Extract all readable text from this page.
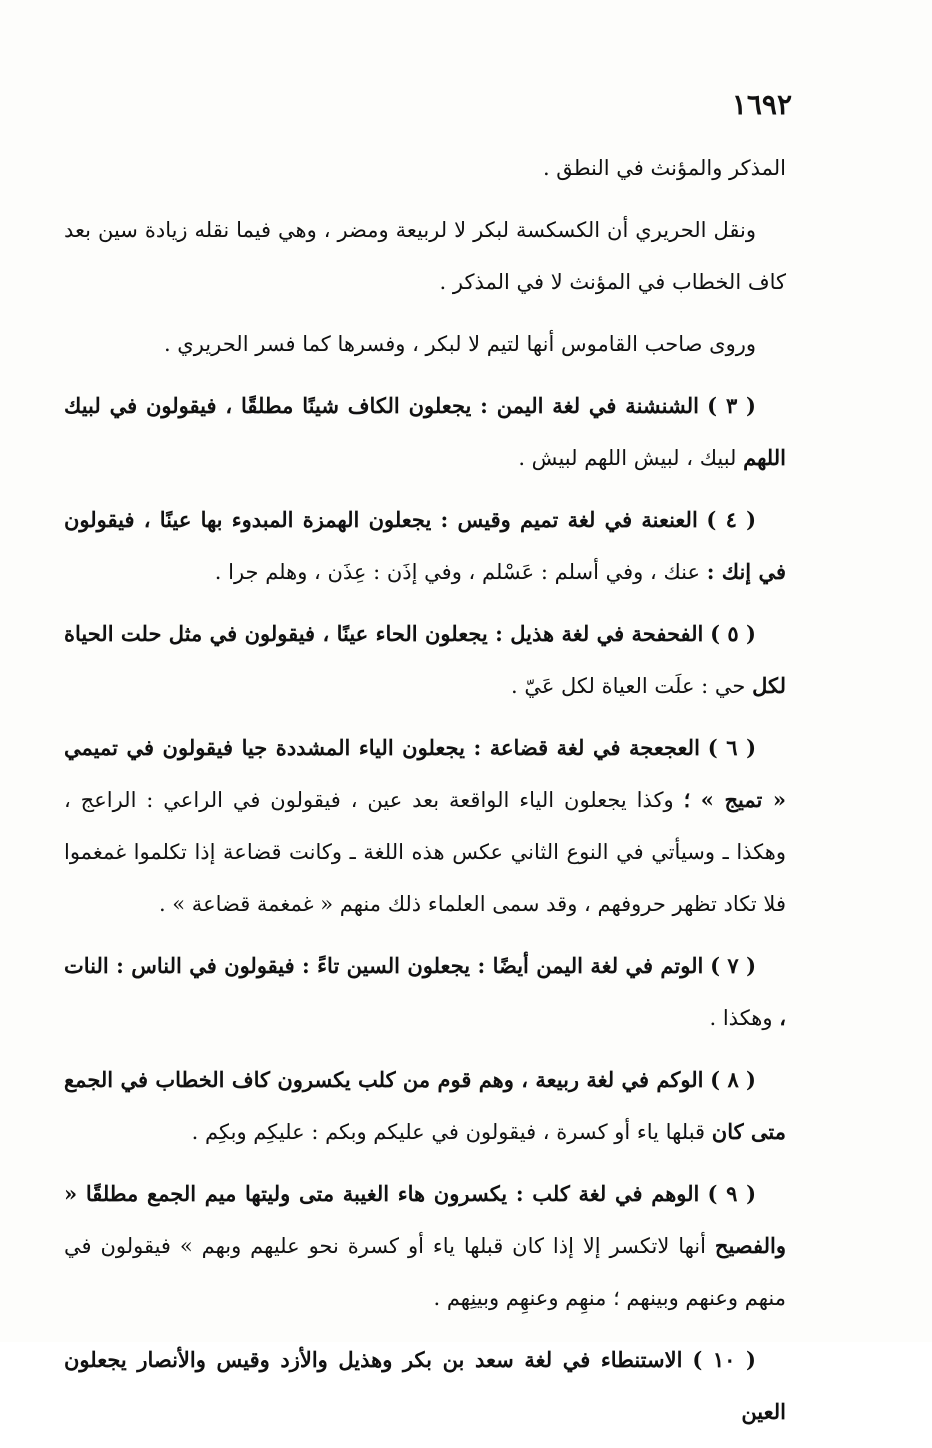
١٦٩٢

المذكر والمؤنث في النطق .

ونقل الحريري أن الكسكسة لبكر لا لربيعة ومضر ، وهي فيما نقله زيادة سين بعد كاف الخطاب في المؤنث لا في المذكر .

وروى صاحب القاموس أنها لتيم لا لبكر ، وفسرها كما فسر الحريري .

( ٣ ) الشنشنة في لغة اليمن : يجعلون الكاف شينًا مطلقًا ، فيقولون في لبيك اللهم لبيك ، لبيش اللهم لبيش .

( ٤ ) العنعنة في لغة تميم وقيس : يجعلون الهمزة المبدوء بها عينًا ، فيقولون في إنك : عنك ، وفي أسلم : عَسْلم ، وفي إذَن : عِذَن ، وهلم جرا .

( ٥ ) الفحفحة في لغة هذيل : يجعلون الحاء عينًا ، فيقولون في مثل حلت الحياة لكل حي : علَت العياة لكل عَيّ .

( ٦ ) العجعجة في لغة قضاعة : يجعلون الياء المشددة جيا فيقولون في تميمي « تميج » ؛ وكذا يجعلون الياء الواقعة بعد عين ، فيقولون في الراعي : الراعج ، وهكذا ـ وسيأتي في النوع الثاني عكس هذه اللغة ـ وكانت قضاعة إذا تكلموا غمغموا فلا تكاد تظهر حروفهم ، وقد سمى العلماء ذلك منهم « غمغمة قضاعة » .

( ٧ ) الوتم في لغة اليمن أيضًا : يجعلون السين تاءً : فيقولون في الناس : النات ، وهكذا .

( ٨ ) الوكم في لغة ربيعة ، وهم قوم من كلب يكسرون كاف الخطاب في الجمع متى كان قبلها ياء أو كسرة ، فيقولون في عليكم وبكم : عليكِم وبكِم .

( ٩ ) الوهم في لغة كلب : يكسرون هاء الغيبة متى وليتها ميم الجمع مطلقًا « والفصيح أنها لاتكسر إلا إذا كان قبلها ياء أو كسرة نحو عليهم وبهم » فيقولون في منهم وعنهم وبينهم ؛ منهِم وعنهِم وبينِهم .

( ١٠ ) الاستنطاء في لغة سعد بن بكر وهذيل والأزد وقيس والأنصار يجعلون العين
